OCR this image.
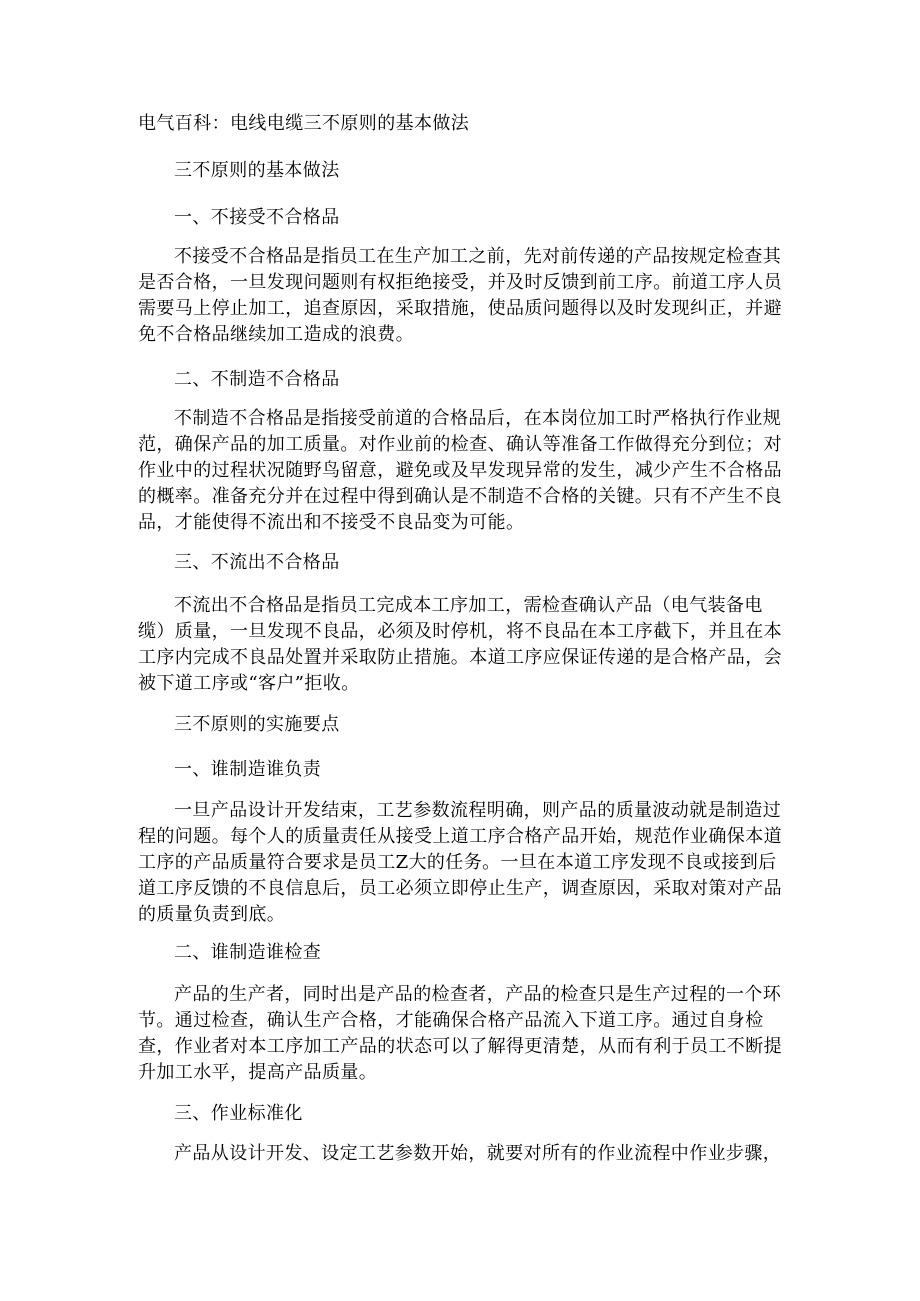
电气百科：电线电缆三不原则的基本做法

三不原则的基本做法

一、不接受不合格品

不接受不合格品是指员工在生产加工之前，先对前传递的产品按规定检查其是否合格，一旦发现问题则有权拒绝接受，并及时反馈到前工序。前道工序人员需要马上停止加工，追查原因，采取措施，使品质问题得以及时发现纠正，并避免不合格品继续加工造成的浪费。

二、不制造不合格品

不制造不合格品是指接受前道的合格品后，在本岗位加工时严格执行作业规范，确保产品的加工质量。对作业前的检查、确认等准备工作做得充分到位；对作业中的过程状况随野鸟留意，避免或及早发现异常的发生，减少产生不合格品的概率。准备充分并在过程中得到确认是不制造不合格的关键。只有不产生不良品，才能使得不流出和不接受不良品变为可能。

三、不流出不合格品

不流出不合格品是指员工完成本工序加工，需检查确认产品（电气装备电缆）质量，一旦发现不良品，必须及时停机，将不良品在本工序截下，并且在本工序内完成不良品处置并采取防止措施。本道工序应保证传递的是合格产品，会被下道工序或“客户”拒收。

三不原则的实施要点

一、谁制造谁负责

一旦产品设计开发结束，工艺参数流程明确，则产品的质量波动就是制造过程的问题。每个人的质量责任从接受上道工序合格产品开始，规范作业确保本道工序的产品质量符合要求是员工Z大的任务。一旦在本道工序发现不良或接到后道工序反馈的不良信息后，员工必须立即停止生产，调查原因，采取对策对产品的质量负责到底。

二、谁制造谁检查

产品的生产者，同时出是产品的检查者，产品的检查只是生产过程的一个环节。通过检查，确认生产合格，才能确保合格产品流入下道工序。通过自身检查，作业者对本工序加工产品的状态可以了解得更清楚，从而有利于员工不断提升加工水平，提高产品质量。

三、作业标准化

产品从设计开发、设定工艺参数开始，就要对所有的作业流程中作业步骤，
